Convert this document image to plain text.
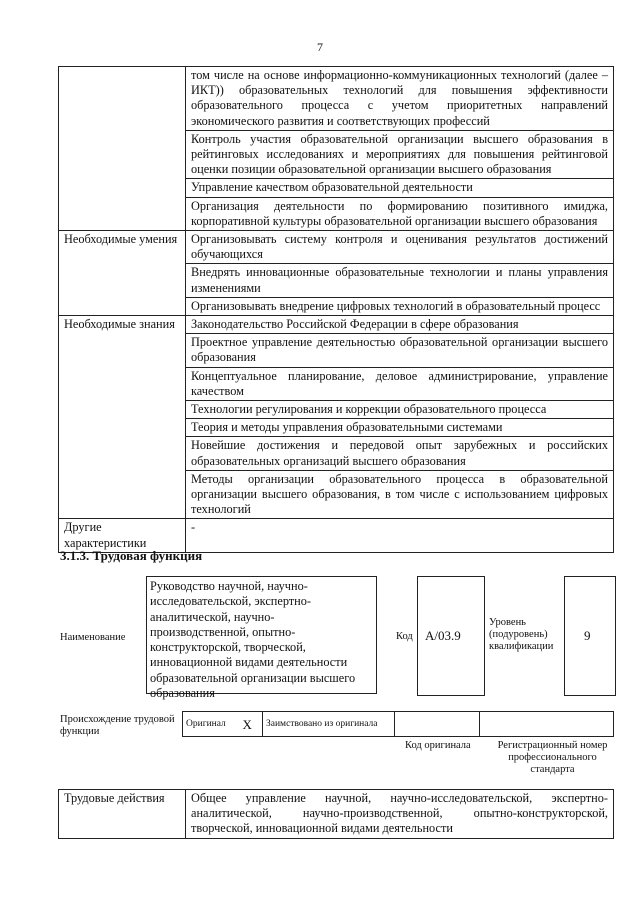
7
	том числе на основе информационно-коммуникационных технологий (далее – ИКТ)) образовательных технологий для повышения эффективности образовательного процесса с учетом приоритетных направлений экономического развития и соответствующих профессий
	Контроль участия образовательной организации высшего образования в рейтинговых исследованиях и мероприятиях для повышения рейтинговой оценки позиции образовательной организации высшего образования
	Управление качеством образовательной деятельности
	Организация деятельности по формированию позитивного имиджа, корпоративной культуры образовательной организации высшего образования
Необходимые умения	Организовывать систему контроля и оценивания результатов достижений обучающихся
	Внедрять инновационные образовательные технологии и планы управления изменениями
	Организовывать внедрение цифровых технологий в образовательный процесс
Необходимые знания	Законодательство Российской Федерации в сфере образования
	Проектное управление деятельностью образовательной организации высшего образования
	Концептуальное планирование, деловое администрирование, управление качеством
	Технологии регулирования и коррекции образовательного процесса
	Теория и методы управления образовательными системами
	Новейшие достижения и передовой опыт зарубежных и российских образовательных организаций высшего образования
	Методы организации образовательного процесса в образовательной организации высшего образования, в том числе с использованием цифровых технологий
Другие характеристики	-
3.1.3. Трудовая функция
Наименование
Руководство научной, научно-исследовательской, экспертно-аналитической, научно-производственной, опытно-конструкторской, творческой, инновационной видами деятельности образовательной организации высшего образования
Код A/03.9
Уровень (подуровень) квалификации
9
Происхождение трудовой функции
Оригинал	X	Заимствовано из оригинала		
Код оригинала	Регистрационный номер профессионального стандарта
Трудовые действия	Общее управление научной, научно-исследовательской, экспертно-аналитической, научно-производственной, опытно-конструкторской, творческой, инновационной видами деятельности
